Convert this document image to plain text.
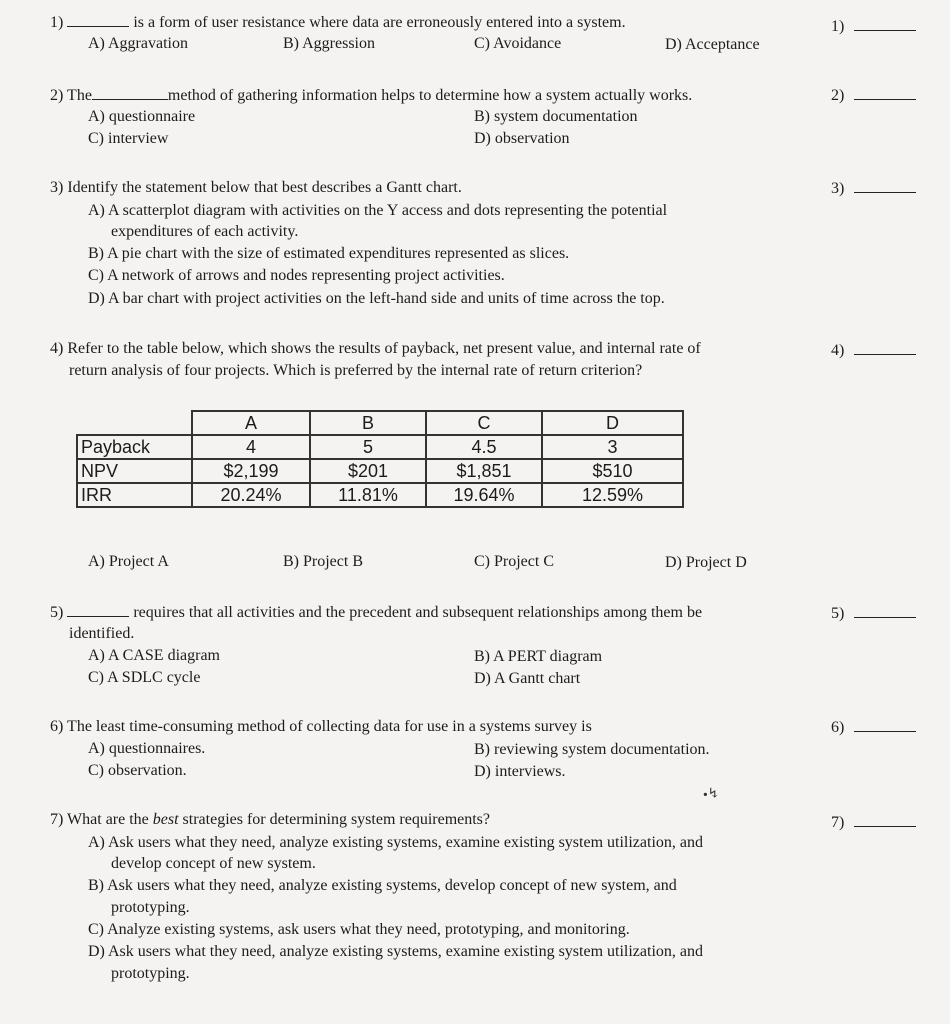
1)	is a form of user resistance where data are erroneously entered into a system.
A) Aggravation	B) Aggression	C) Avoidance	D) Acceptance
1)
2) The	method of gathering information helps to determine how a system actually works.
A) questionnaire	B) system documentation
C) interview	D) observation
2)
3) Identify the statement below that best describes a Gantt chart.
A) A scatterplot diagram with activities on the Y access and dots representing the potential
expenditures of each activity.
B) A pie chart with the size of estimated expenditures represented as slices.
C) A network of arrows and nodes representing project activities.
D) A bar chart with project activities on the left-hand side and units of time across the top.
3)
4) Refer to the table below, which shows the results of payback, net present value, and internal rate of
return analysis of four projects. Which is preferred by the internal rate of return criterion?
4)
	A	B	C	D
Payback	4	5	4.5	3
NPV	$2,199	$201	$1,851	$510
IRR	20.24%	11.81%	19.64%	12.59%
A) Project A	B) Project B	C) Project C	D) Project D
5)	requires that all activities and the precedent and subsequent relationships among them be
identified.
A) A CASE diagram	B) A PERT diagram
C) A SDLC cycle	D) A Gantt chart
5)
6) The least time-consuming method of collecting data for use in a systems survey is
A) questionnaires.	B) reviewing system documentation.
C) observation.	D) interviews.
6)
•↯
7) What are the best strategies for determining system requirements?
A) Ask users what they need, analyze existing systems, examine existing system utilization, and
develop concept of new system.
B) Ask users what they need, analyze existing systems, develop concept of new system, and
prototyping.
C) Analyze existing systems, ask users what they need, prototyping, and monitoring.
D) Ask users what they need, analyze existing systems, examine existing system utilization, and
prototyping.
7)
